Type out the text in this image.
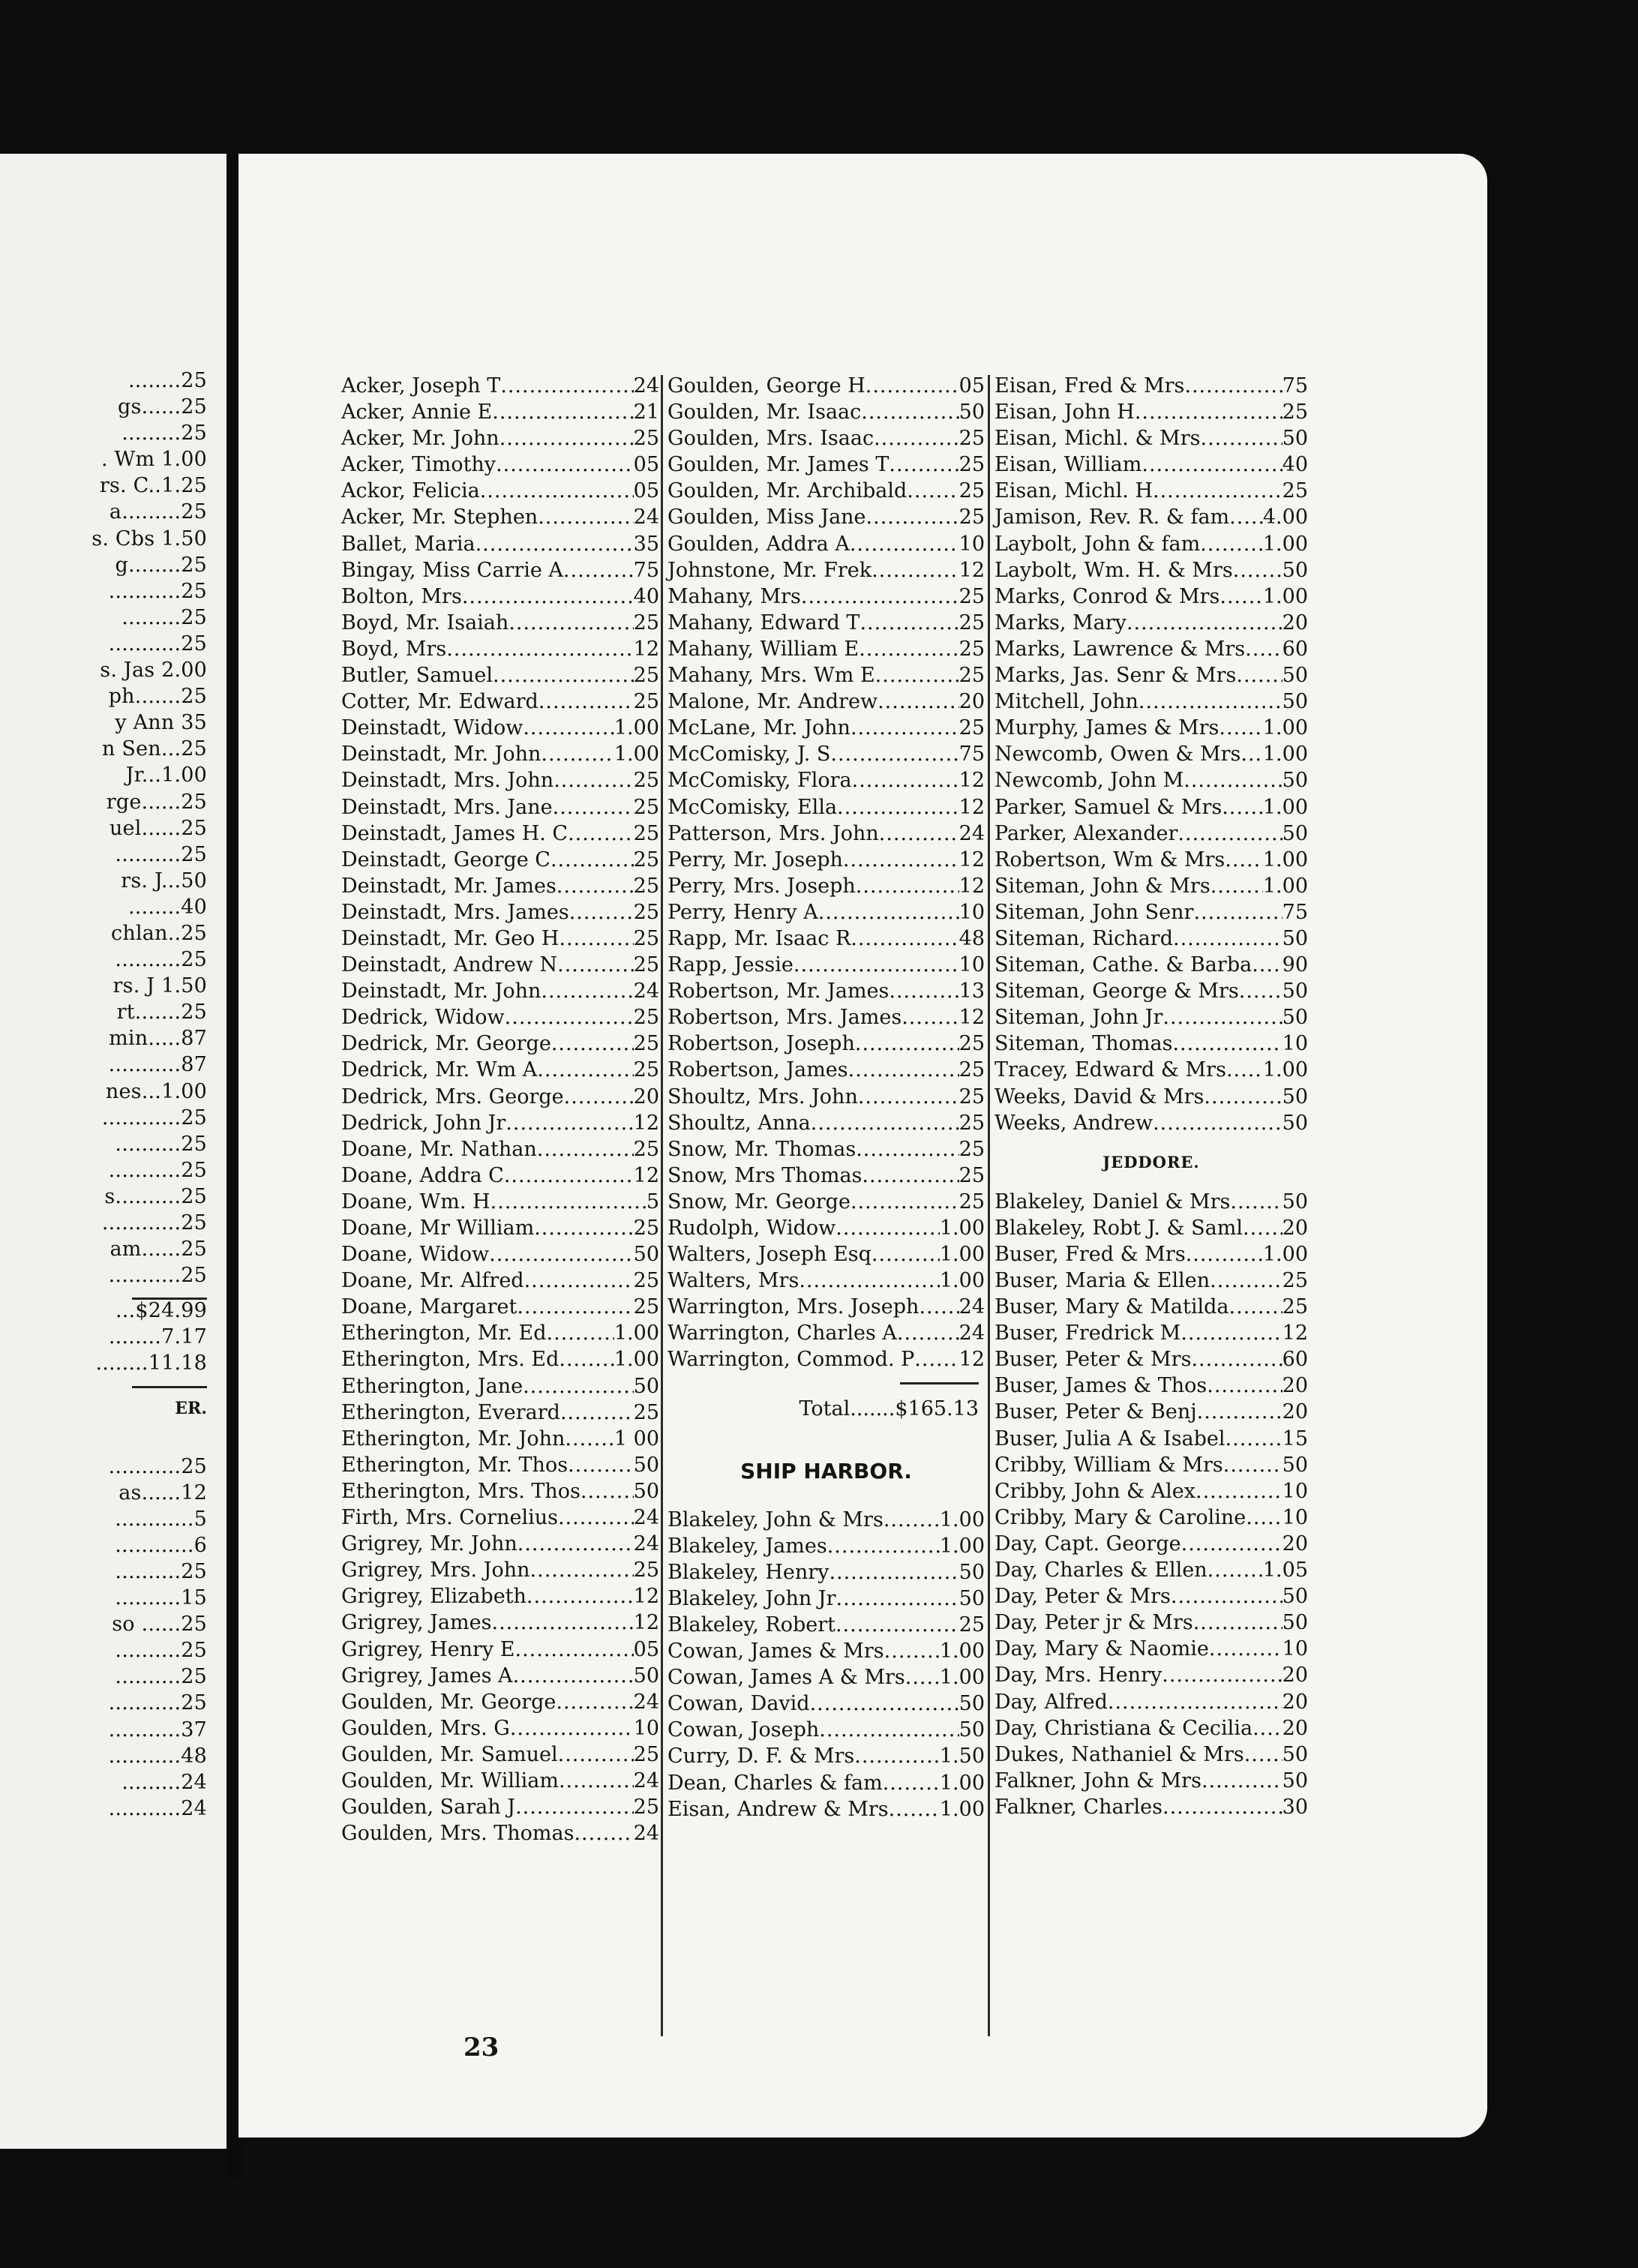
........25
gs......25
.........25
. Wm 1.00
rs. C..1.25
a.........25
s. Cbs 1.50
g........25
...........25
.........25
...........25
s. Jas 2.00
ph.......25
y Ann 35
n Sen...25
Jr...1.00
rge......25
uel......25
..........25
rs. J...50
........40
chlan..25
..........25
rs. J 1.50
rt.......25
min.....87
...........87
nes...1.00
............25
..........25
...........25
s..........25
............25
am......25
...........25
...$24.99
........7.17
........11.18
ER.
...........25
as......12
............5
............6
..........25
..........15
so ......25
..........25
..........25
...........25
...........37
...........48
.........24
...........24
Acker, Joseph T .....	24
Acker, Annie E .....	21
Acker, Mr. John .....	25
Acker, Timothy .....	05
Ackor, Felicia .....	05
Acker, Mr. Stephen .....	24
Ballet, Maria .....	35
Bingay, Miss Carrie A .....	75
Bolton, Mrs .....	40
Boyd, Mr. Isaiah .....	25
Boyd, Mrs .....	12
Butler, Samuel .....	25
Cotter, Mr. Edward .....	25
Deinstadt, Widow .....	1.00
Deinstadt, Mr. John .....	1.00
Deinstadt, Mrs. John .....	25
Deinstadt, Mrs. Jane .....	25
Deinstadt, James H. C .....	25
Deinstadt, George C .....	25
Deinstadt, Mr. James .....	25
Deinstadt, Mrs. James .....	25
Deinstadt, Mr. Geo H .....	25
Deinstadt, Andrew N .....	25
Deinstadt, Mr. John .....	24
Dedrick, Widow .....	25
Dedrick, Mr. George .....	25
Dedrick, Mr. Wm A .....	25
Dedrick, Mrs. George .....	20
Dedrick, John Jr .....	12
Doane, Mr. Nathan .....	25
Doane, Addra C .....	12
Doane, Wm. H .....	5
Doane, Mr William .....	25
Doane, Widow .....	50
Doane, Mr. Alfred .....	25
Doane, Margaret .....	25
Etherington, Mr. Ed .....	1.00
Etherington, Mrs. Ed .....	1.00
Etherington, Jane .....	50
Etherington, Everard .....	25
Etherington, Mr. John ..... 1 00
Etherington, Mr. Thos .....	50
Etherington, Mrs. Thos .....	50
Firth, Mrs. Cornelius .....	24
Grigrey, Mr. John .....	24
Grigrey, Mrs. John .....	25
Grigrey, Elizabeth .....	12
Grigrey, James .....	12
Grigrey, Henry E .....	05
Grigrey, James A .....	50
Goulden, Mr. George .....	24
Goulden, Mrs. G .....	10
Goulden, Mr. Samuel .....	25
Goulden, Mr. William .....	24
Goulden, Sarah J .....	25
Goulden, Mrs. Thomas .....	24
Goulden, George H .....	05
Goulden, Mr. Isaac .....	50
Goulden, Mrs. Isaac .....	25
Goulden, Mr. James T .....	25
Goulden, Mr. Archibald .....	25
Goulden, Miss Jane .....	25
Goulden, Addra A .....	10
Johnstone, Mr. Frek .....	12
Mahany, Mrs .....	25
Mahany, Edward T .....	25
Mahany, William E .....	25
Mahany, Mrs. Wm E .....	25
Malone, Mr. Andrew .....	20
McLane, Mr. John .....	25
McComisky, J. S .....	75
McComisky, Flora .....	12
McComisky, Ella .....	12
Patterson, Mrs. John .....	24
Perry, Mr. Joseph .....	12
Perry, Mrs. Joseph .....	12
Perry, Henry A .....	10
Rapp, Mr. Isaac R .....	48
Rapp, Jessie .....	10
Robertson, Mr. James .....	13
Robertson, Mrs. James .....	12
Robertson, Joseph .....	25
Robertson, James .....	25
Shoultz, Mrs. John .....	25
Shoultz, Anna .....	25
Snow, Mr. Thomas .....	25
Snow, Mrs Thomas .....	25
Snow, Mr. George .....	25
Rudolph, Widow .....	1.00
Walters, Joseph Esq .....	1.00
Walters, Mrs .....	1.00
Warrington, Mrs. Joseph ..... 24
Warrington, Charles A .....	24
Warrington, Commod. P ..... 12
Total.......$165.13
SHIP HARBOR.
Blakeley, John & Mrs .....	1.00
Blakeley, James .....	1.00
Blakeley, Henry .....	50
Blakeley, John Jr .....	50
Blakeley, Robert .....	25
Cowan, James & Mrs .....	1.00
Cowan, James A & Mrs ..... 1.00
Cowan, David .....	50
Cowan, Joseph .....	50
Curry, D. F. & Mrs .....	1.50
Dean, Charles & fam .....	1.00
Eisan, Andrew & Mrs .....	1.00
Eisan, Fred & Mrs .....	75
Eisan, John H .....	25
Eisan, Michl. & Mrs .....	50
Eisan, William .....	40
Eisan, Michl. H .....	25
Jamison, Rev. R. & fam ..... 4.00
Laybolt, John & fam .....	1.00
Laybolt, Wm. H. & Mrs ..... 50
Marks, Conrod & Mrs ..... 1.00
Marks, Mary .....	20
Marks, Lawrence & Mrs ..... 60
Marks, Jas. Senr & Mrs ..... 50
Mitchell, John .....	50
Murphy, James & Mrs ..... 1.00
Newcomb, Owen & Mrs ..... 1.00
Newcomb, John M .....	50
Parker, Samuel & Mrs ..... 1.00
Parker, Alexander .....	50
Robertson, Wm & Mrs ..... 1.00
Siteman, John & Mrs .....	1.00
Siteman, John Senr .....	75
Siteman, Richard .....	50
Siteman, Cathe. & Barba ..... 90
Siteman, George & Mrs ..... 50
Siteman, John Jr .....	50
Siteman, Thomas .....	10
Tracey, Edward & Mrs ..... 1.00
Weeks, David & Mrs .....	50
Weeks, Andrew .....	50
JEDDORE.
Blakeley, Daniel & Mrs .....	50
Blakeley, Robt J. & Saml ..... 20
Buser, Fred & Mrs .....	1.00
Buser, Maria & Ellen .....	25
Buser, Mary & Matilda .....	25
Buser, Fredrick M .....	12
Buser, Peter & Mrs .....	60
Buser, James & Thos .....	20
Buser, Peter & Benj .....	20
Buser, Julia A & Isabel .....	15
Cribby, William & Mrs .....	50
Cribby, John & Alex .....	10
Cribby, Mary & Caroline ..... 10
Day, Capt. George .....	20
Day, Charles & Ellen .....	1.05
Day, Peter & Mrs .....	50
Day, Peter jr & Mrs .....	50
Day, Mary & Naomie .....	10
Day, Mrs. Henry .....	20
Day, Alfred .....	20
Day, Christiana & Cecilia ..... 20
Dukes, Nathaniel & Mrs ..... 50
Falkner, John & Mrs .....	50
Falkner, Charles .....	30
23
